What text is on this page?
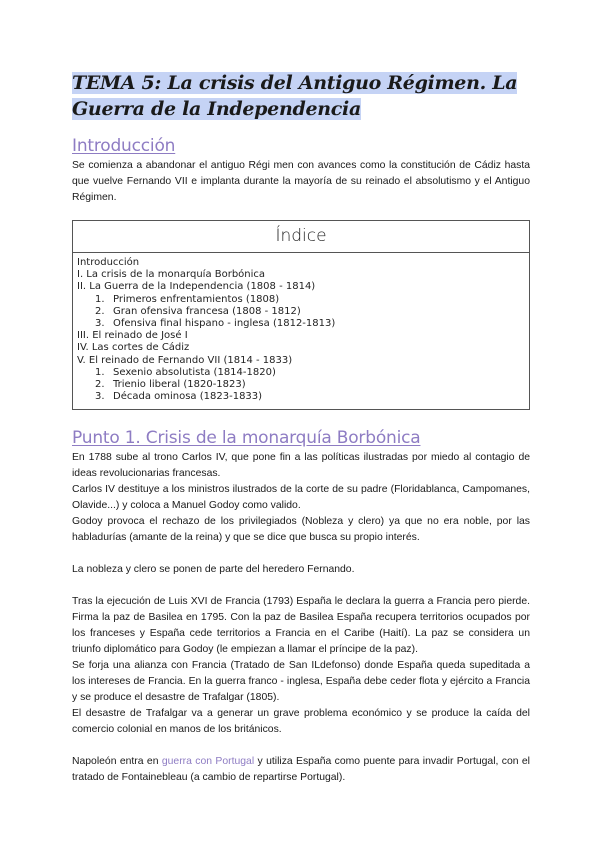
TEMA 5: La crisis del Antiguo Régimen. La Guerra de la Independencia
Introducción

Se comienza a abandonar el antiguo Régi men con avances como la constitución de Cádiz hasta que vuelve Fernando VII e implanta durante la mayoría de su reinado el absolutismo y el Antiguo Régimen.

Índice
Introducción
I. La crisis de la monarquía Borbónica
II. La Guerra de la Independencia (1808 - 1814)
1. Primeros enfrentamientos (1808)
2. Gran ofensiva francesa (1808 - 1812)
3. Ofensiva final hispano - inglesa (1812-1813)
III. El reinado de José I
IV. Las cortes de Cádiz
V. El reinado de Fernando VII (1814 - 1833)
1. Sexenio absolutista (1814-1820)
2. Trienio liberal (1820-1823)
3. Década ominosa (1823-1833)
Punto 1. Crisis de la monarquía Borbónica

En 1788 sube al trono Carlos IV, que pone fin a las políticas ilustradas por miedo al contagio de ideas revolucionarias francesas.

Carlos IV destituye a los ministros ilustrados de la corte de su padre (Floridablanca, Campomanes, Olavide...) y coloca a Manuel Godoy como valido.

Godoy provoca el rechazo de los privilegiados (Nobleza y clero) ya que no era noble, por las habladurías (amante de la reina) y que se dice que busca su propio interés.

La nobleza y clero se ponen de parte del heredero Fernando.

Tras la ejecución de Luis XVI de Francia (1793) España le declara la guerra a Francia pero pierde. Firma la paz de Basilea en 1795. Con la paz de Basilea España recupera territorios ocupados por los franceses y España cede territorios a Francia en el Caribe (Haití). La paz se considera un triunfo diplomático para Godoy (le empiezan a llamar el príncipe de la paz).

Se forja una alianza con Francia (Tratado de San ILdefonso) donde España queda supeditada a los intereses de Francia. En la guerra franco - inglesa, España debe ceder flota y ejército a Francia y se produce el desastre de Trafalgar (1805).

El desastre de Trafalgar va a generar un grave problema económico y se produce la caída del comercio colonial en manos de los británicos.

Napoleón entra en guerra con Portugal y utiliza España como puente para invadir Portugal, con el tratado de Fontainebleau (a cambio de repartirse Portugal).
